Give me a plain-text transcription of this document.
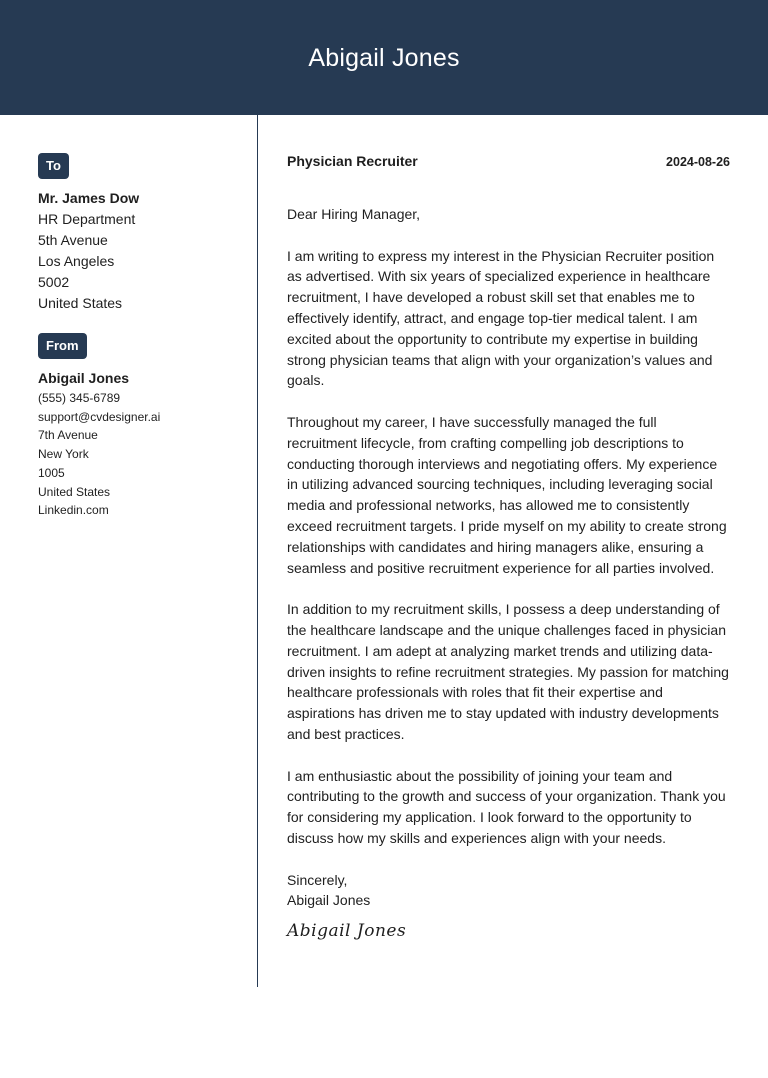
Abigail Jones
To
Mr. James Dow
HR Department
5th Avenue
Los Angeles
5002
United States
From
Abigail Jones
(555) 345-6789
support@cvdesigner.ai
7th Avenue
New York
1005
United States
Linkedin.com
Physician Recruiter	2024-08-26

Dear Hiring Manager,

I am writing to express my interest in the Physician Recruiter position as advertised. With six years of specialized experience in healthcare recruitment, I have developed a robust skill set that enables me to effectively identify, attract, and engage top-tier medical talent. I am excited about the opportunity to contribute my expertise in building strong physician teams that align with your organization’s values and goals.

Throughout my career, I have successfully managed the full recruitment lifecycle, from crafting compelling job descriptions to conducting thorough interviews and negotiating offers. My experience in utilizing advanced sourcing techniques, including leveraging social media and professional networks, has allowed me to consistently exceed recruitment targets. I pride myself on my ability to create strong relationships with candidates and hiring managers alike, ensuring a seamless and positive recruitment experience for all parties involved.

In addition to my recruitment skills, I possess a deep understanding of the healthcare landscape and the unique challenges faced in physician recruitment. I am adept at analyzing market trends and utilizing data-driven insights to refine recruitment strategies. My passion for matching healthcare professionals with roles that fit their expertise and aspirations has driven me to stay updated with industry developments and best practices.

I am enthusiastic about the possibility of joining your team and contributing to the growth and success of your organization. Thank you for considering my application. I look forward to the opportunity to discuss how my skills and experiences align with your needs.

Sincerely,
Abigail Jones
Abigail Jones
